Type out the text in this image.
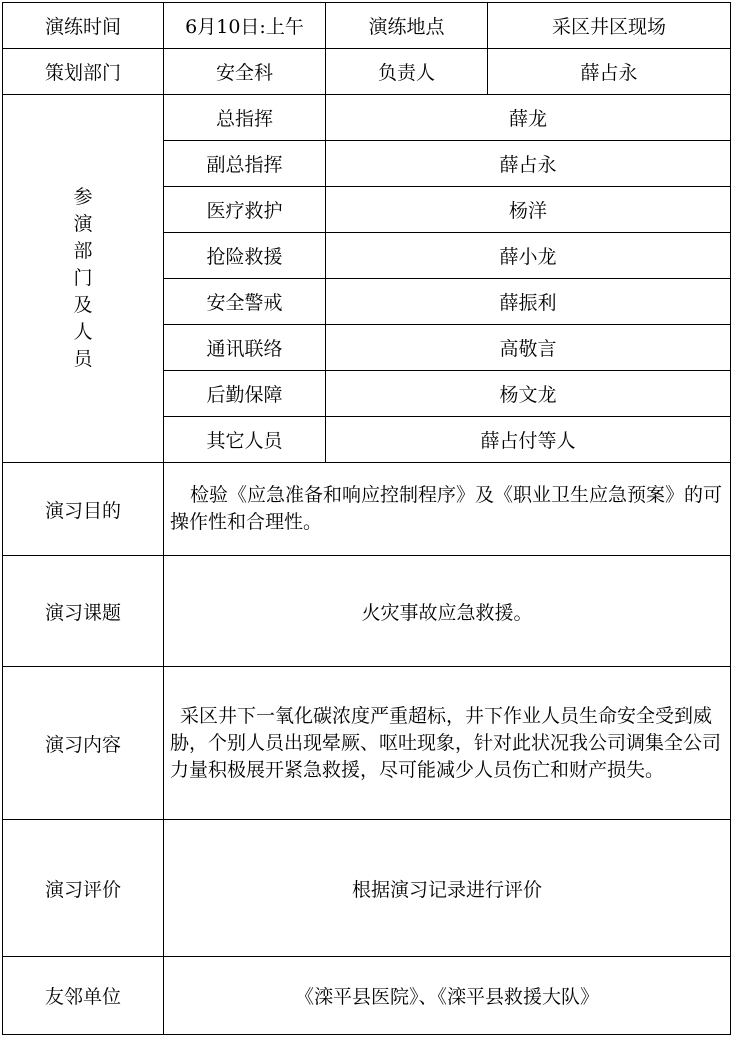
演练时间	6月10日:上午	演练地点	采区井区现场
策划部门	安全科	负责人	薛占永
参演部门及人员	总指挥	薛龙	
	副总指挥	薛占永	
	医疗救护	杨洋	
	抢险救援	薛小龙	
	安全警戒	薛振利	
	通讯联络	高敬言	
	后勤保障	杨文龙	
	其它人员	薛占付等人	
演习目的	检验《应急准备和响应控制程序》及《职业卫生应急预案》的可操作性和合理性。		

演习课题	火灾事故应急救援。		
演习内容	采区井下一氧化碳浓度严重超标，井下作业人员生命安全受到威胁，个别人员出现晕厥、呕吐现象，针对此状况我公司调集全公司力量积极展开紧急救援，尽可能减少人员伤亡和财产损失。		

演习评价	根据演习记录进行评价		
友邻单位	《滦平县医院》、《滦平县救援大队》		
